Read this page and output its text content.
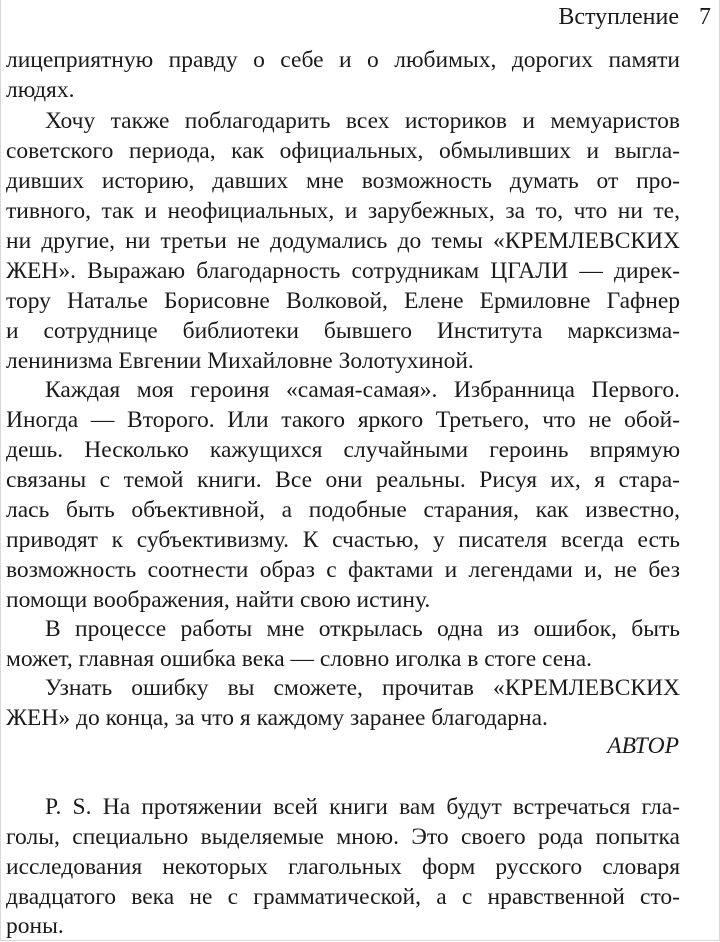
Вступление 7
лицеприятную правду о себе и о любимых, дорогих памяти
людях.
Хочу также поблагодарить всех историков и мемуаристов
советского периода, как официальных, обмыливших и выгла-
дивших историю, давших мне возможность думать от про-
тивного, так и неофициальных, и зарубежных, за то, что ни те,
ни другие, ни третьи не додумались до темы «КРЕМЛЕВСКИХ
ЖЕН». Выражаю благодарность сотрудникам ЦГАЛИ — дирек-
тору Наталье Борисовне Волковой, Елене Ермиловне Гафнер
и сотруднице библиотеки бывшего Института марксизма-
ленинизма Евгении Михайловне Золотухиной.
Каждая моя героиня «самая-самая». Избранница Первого.
Иногда — Второго. Или такого яркого Третьего, что не обой-
дешь. Несколько кажущихся случайными героинь впрямую
связаны с темой книги. Все они реальны. Рисуя их, я стара-
лась быть объективной, а подобные старания, как известно,
приводят к субъективизму. К счастью, у писателя всегда есть
возможность соотнести образ с фактами и легендами и, не без
помощи воображения, найти свою истину.
В процессе работы мне открылась одна из ошибок, быть
может, главная ошибка века — словно иголка в стоге сена.
Узнать ошибку вы сможете, прочитав «КРЕМЛЕВСКИХ
ЖЕН» до конца, за что я каждому заранее благодарна.
АВТОР
P. S. На протяжении всей книги вам будут встречаться гла-
голы, специально выделяемые мною. Это своего рода попытка
исследования некоторых глагольных форм русского словаря
двадцатого века не с грамматической, а с нравственной сто-
роны.
